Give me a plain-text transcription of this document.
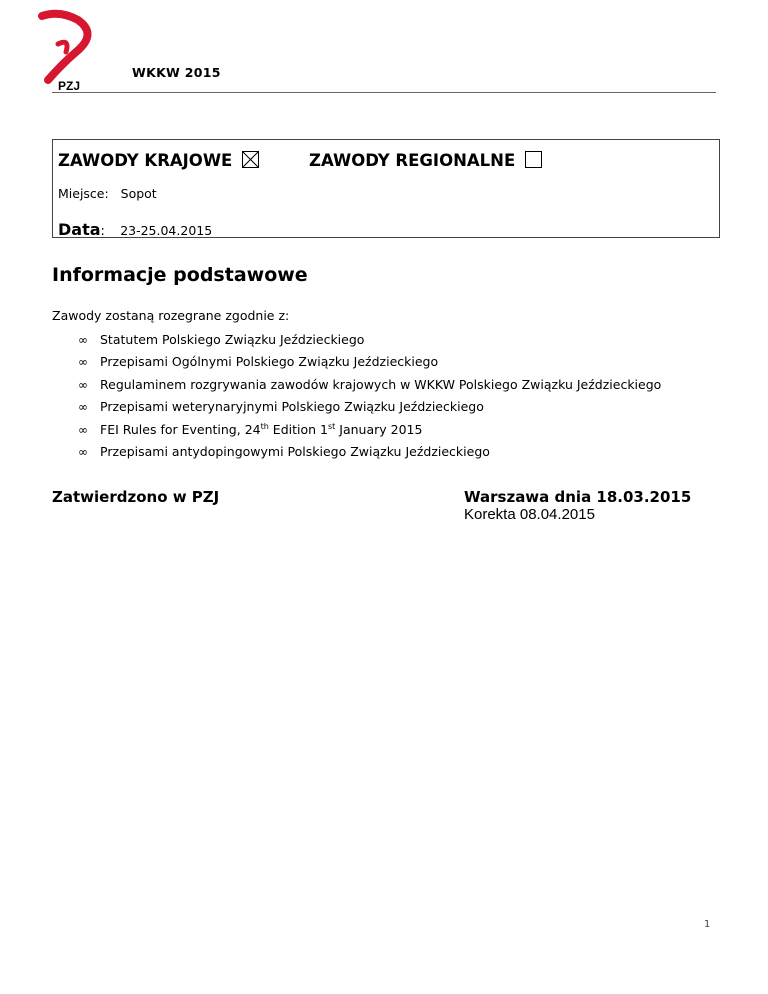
PZJ
WKKW 2015
ZAWODY KRAJOWE	ZAWODY REGIONALNE
Miejsce: Sopot
Data: 23-25.04.2015
Informacje podstawowe
Zawody zostaną rozegrane zgodnie z:
∞ Statutem Polskiego Związku Jeździeckiego
∞ Przepisami Ogólnymi Polskiego Związku Jeździeckiego
∞ Regulaminem rozgrywania zawodów krajowych w WKKW Polskiego Związku Jeździeckiego
∞ Przepisami weterynaryjnymi Polskiego Związku Jeździeckiego
∞ FEI Rules for Eventing, 24th Edition 1st January 2015
∞ Przepisami antydopingowymi Polskiego Związku Jeździeckiego
Zatwierdzono w PZJ	Warszawa dnia 18.03.2015
Korekta 08.04.2015
1
